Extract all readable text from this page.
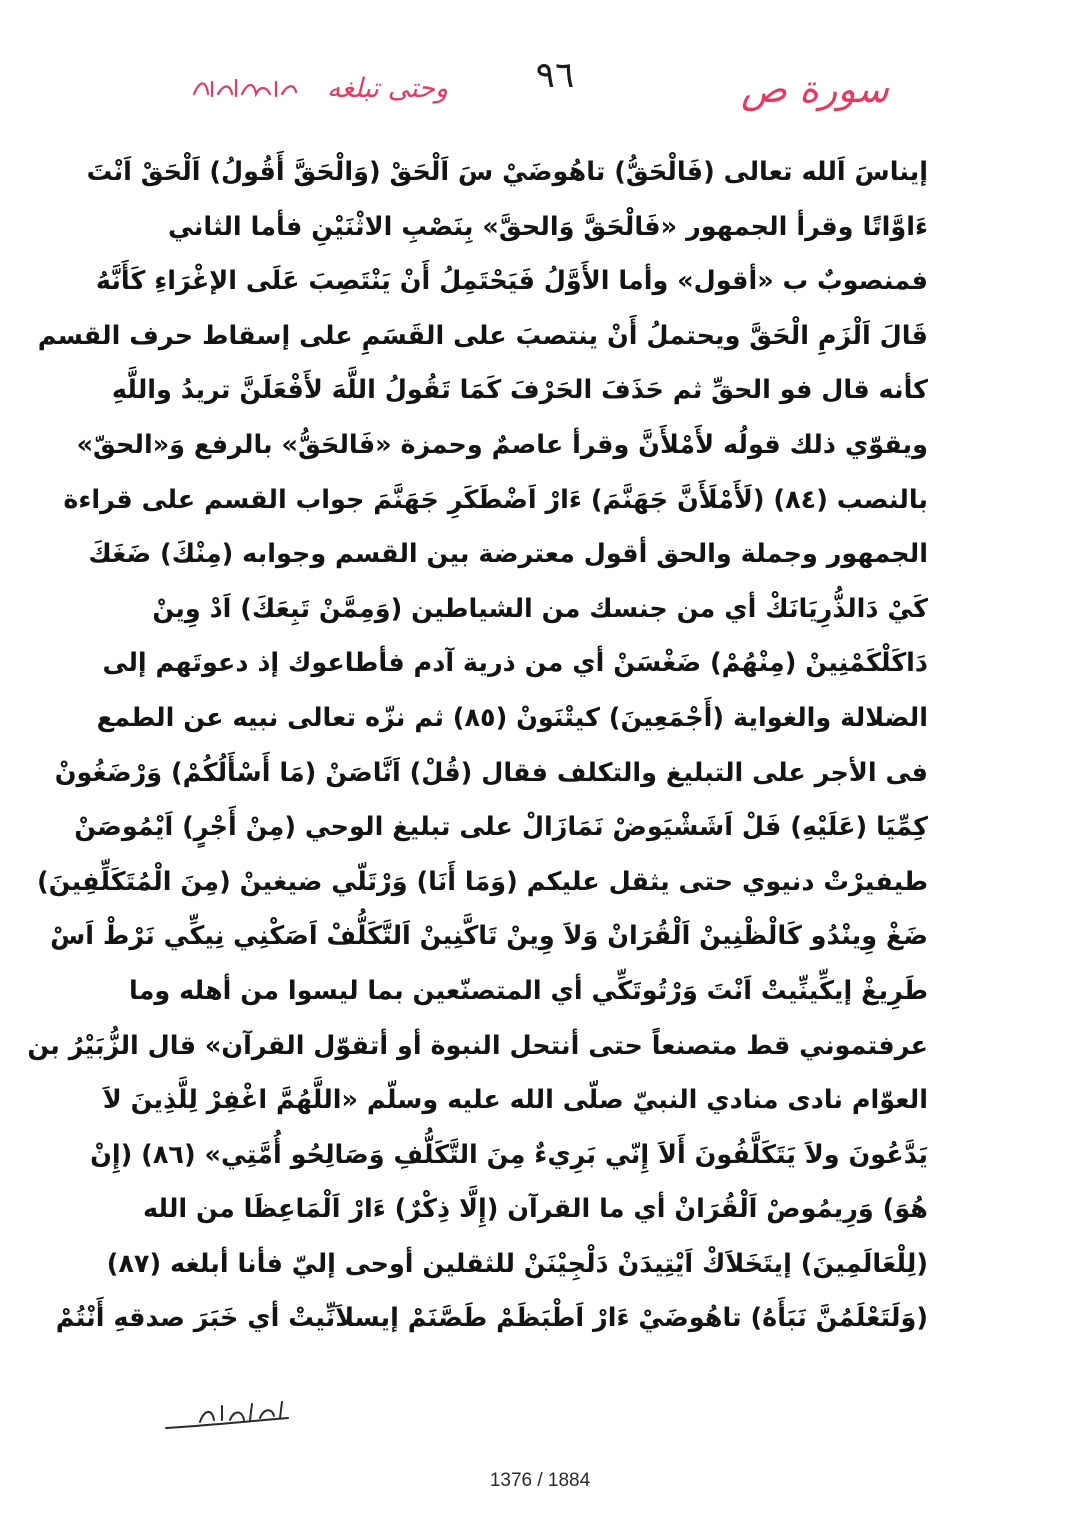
وحتى تبلغه	٩٦	سورة ص
إيناسَ اَلله تعالى (فَالْحَقُّ) تاهُوضَيْ سَ اَلْحَقْ (وَالْحَقَّ أَقُولُ) اَلْحَقْ اَنْتَ
ءَاوَّاتًا وقرأ الجمهور «فَالْحَقَّ وَالحقَّ» بِنَصْبِ الاثْنَيْنِ فأما الثاني
فمنصوبٌ ب «أقول» وأما الأَوَّلُ فَيَحْتَمِلُ أَنْ يَنْتَصِبَ عَلَى الإغْرَاءِ كَأَنَّهُ
قَالَ اَلْزَمِ الْحَقَّ ويحتملُ أَنْ ينتصبَ على القَسَمِ على إسقاط حرف القسم
كأنه قال فو الحقِّ ثم حَذَفَ الحَرْفَ كَمَا تَقُولُ اللَّهَ لأَفْعَلَنَّ تريدُ واللَّهِ
ويقوّي ذلك قولُه لأَمْلأَنَّ وقرأ عاصمٌ وحمزة «فَالحَقُّ» بالرفع وَ«الحقّ»
بالنصب (٨٤) (لَأَمْلَأَنَّ جَهَنَّمَ) ءَارْ اَضْطَكَرِ جَهَنَّمَ جواب القسم على قراءة
الجمهور وجملة والحق أقول معترضة بين القسم وجوابه (مِنْكَ) ضَغَكَ
كَيْ دَالذُّرِيَانَكْ أي من جنسك من الشياطين (وَمِمَّنْ تَبِعَكَ) اَدْ وِينْ
دَاكَلْكَمْنِينْ (مِنْهُمْ) ضَغْسَنْ أي من ذرية آدم فأطاعوك إذ دعوتَهم إلى
الضلالة والغواية (أَجْمَعِينَ) كيتْنَونْ (٨٥) ثم نزّه تعالى نبيه عن الطمع
فى الأجر على التبليغ والتكلف فقال (قُلْ) اَنَّاصَنْ (مَا أَسْأَلُكُمْ) وَرْضَغُونْ
كِمِّيَا (عَلَيْهِ) فَلْ اَشَشْيَوضْ نَمَازَالْ على تبليغ الوحي (مِنْ أَجْرٍ) اَيْمُوصَنْ
طيفيرْتْ دنيوي حتى يثقل عليكم (وَمَا أَنَا) وَرْتَلّي ضيغينْ (مِنَ الْمُتَكَلِّفِينَ)
ضَغْ وِينْدُو كَالْظْنِينْ اَلْقُرَانْ وَلاَ وِينْ تَاكَّنِينْ اَلتَّكَلُّفْ اَصَكْنِي نِيكِّي نَرْطْ اَسْ
طَرِيغْ إيكِّينِّيتْ اَنْتَ وَرْتُوتَكِّي أي المتصنّعين بما ليسوا من أهله وما
عرفتموني قط متصنعاً حتى أنتحل النبوة أو أتقوّل القرآن» قال الزُّبَيْرُ بن
العوّام نادى منادي النبيّ صلّى الله عليه وسلّم «اللَّهُمَّ اغْفِرْ لِلَّذِينَ لاَ
يَدَّعُونَ ولاَ يَتَكَلَّفُونَ أَلاَ إِنّي بَرِيءٌ مِنَ التَّكَلُّفِ وَصَالِحُو أُمَّتِي» (٨٦) (إِنْ
هُوَ) وَرِيمُوصْ اَلْقُرَانْ أي ما القرآن (إِلَّا ذِكْرٌ) ءَارْ اَلْمَاعِظَا من الله
(لِلْعَالَمِينَ) إيتَخَلاَكْ اَيْتِيدَنْ دَلْجِيْنَنْ للثقلين أوحى إليّ فأنا أبلغه (٨٧)
(وَلَتَعْلَمُنَّ نَبَأَهُ) تاهُوضَيْ ءَارْ اَطْبَظَمْ طَصَّنَمْ إيسلاَنِّيتْ أي خَبَرَ صدقهِ أَنْتُمْ
1376 / 1884
